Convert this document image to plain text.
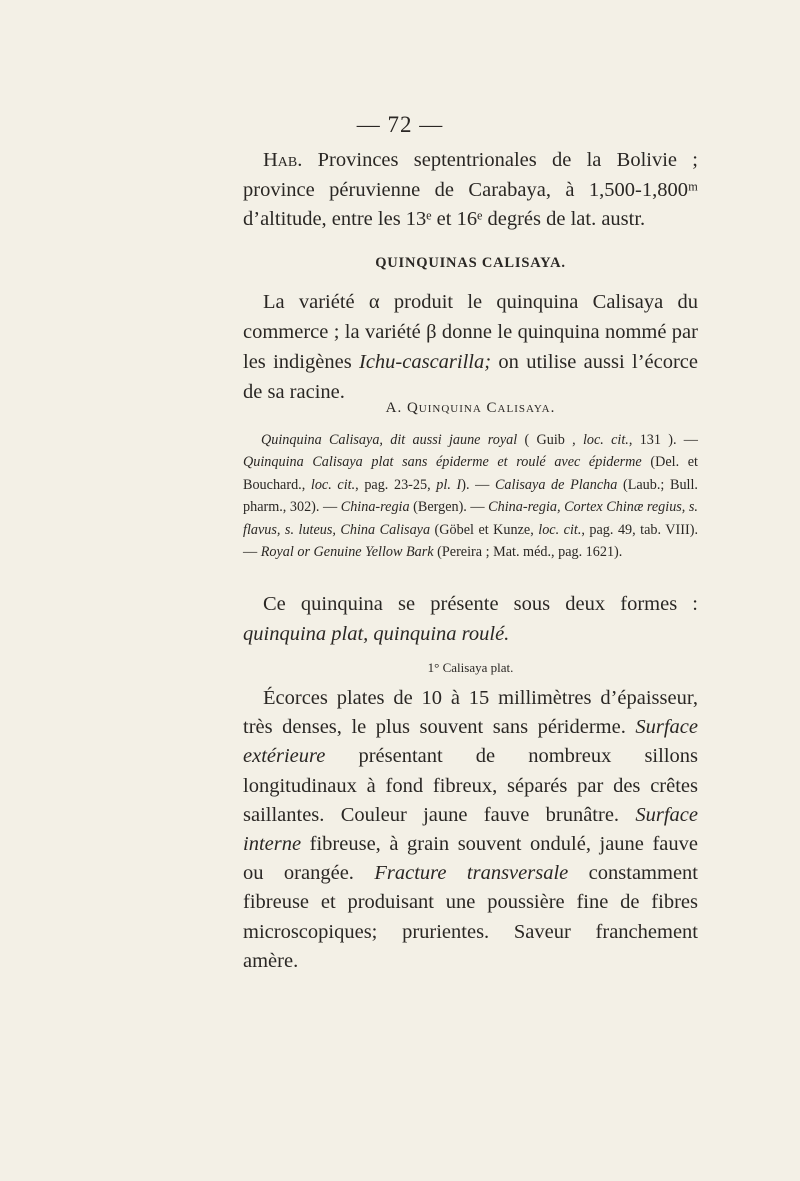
— 72 —
Hab. Provinces septentrionales de la Bolivie ; province péruvienne de Carabaya, à 1,500-1,800ᵐ d’altitude, entre les 13ᵉ et 16ᵉ degrés de lat. austr.
QUINQUINAS CALISAYA.
La variété α produit le quinquina Calisaya du commerce ; la variété β donne le quinquina nommé par les indigènes Ichu-cascarilla; on utilise aussi l’écorce de sa racine.
A. Quinquina Calisaya.
Quinquina Calisaya, dit aussi jaune royal ( Guib , loc. cit., 131 ). — Quinquina Calisaya plat sans épiderme et roulé avec épiderme (Del. et Bouchard., loc. cit., pag. 23-25, pl. I). — Calisaya de Plancha (Laub.; Bull. pharm., 302). — China-regia (Bergen). — China-regia, Cortex Chinæ regius, s. flavus, s. luteus, China Calisaya (Göbel et Kunze, loc. cit., pag. 49, tab. VIII). — Royal or Genuine Yellow Bark (Pereira ; Mat. méd., pag. 1621).
Ce quinquina se présente sous deux formes : quinquina plat, quinquina roulé.
1° Calisaya plat.
Écorces plates de 10 à 15 millimètres d’épaisseur, très denses, le plus souvent sans périderme. Surface extérieure présentant de nombreux sillons longitudinaux à fond fibreux, séparés par des crêtes saillantes. Couleur jaune fauve brunâtre. Surface interne fibreuse, à grain souvent ondulé, jaune fauve ou orangée. Fracture transversale constamment fibreuse et produisant une poussière fine de fibres microscopiques; prurientes. Saveur franchement amère.
